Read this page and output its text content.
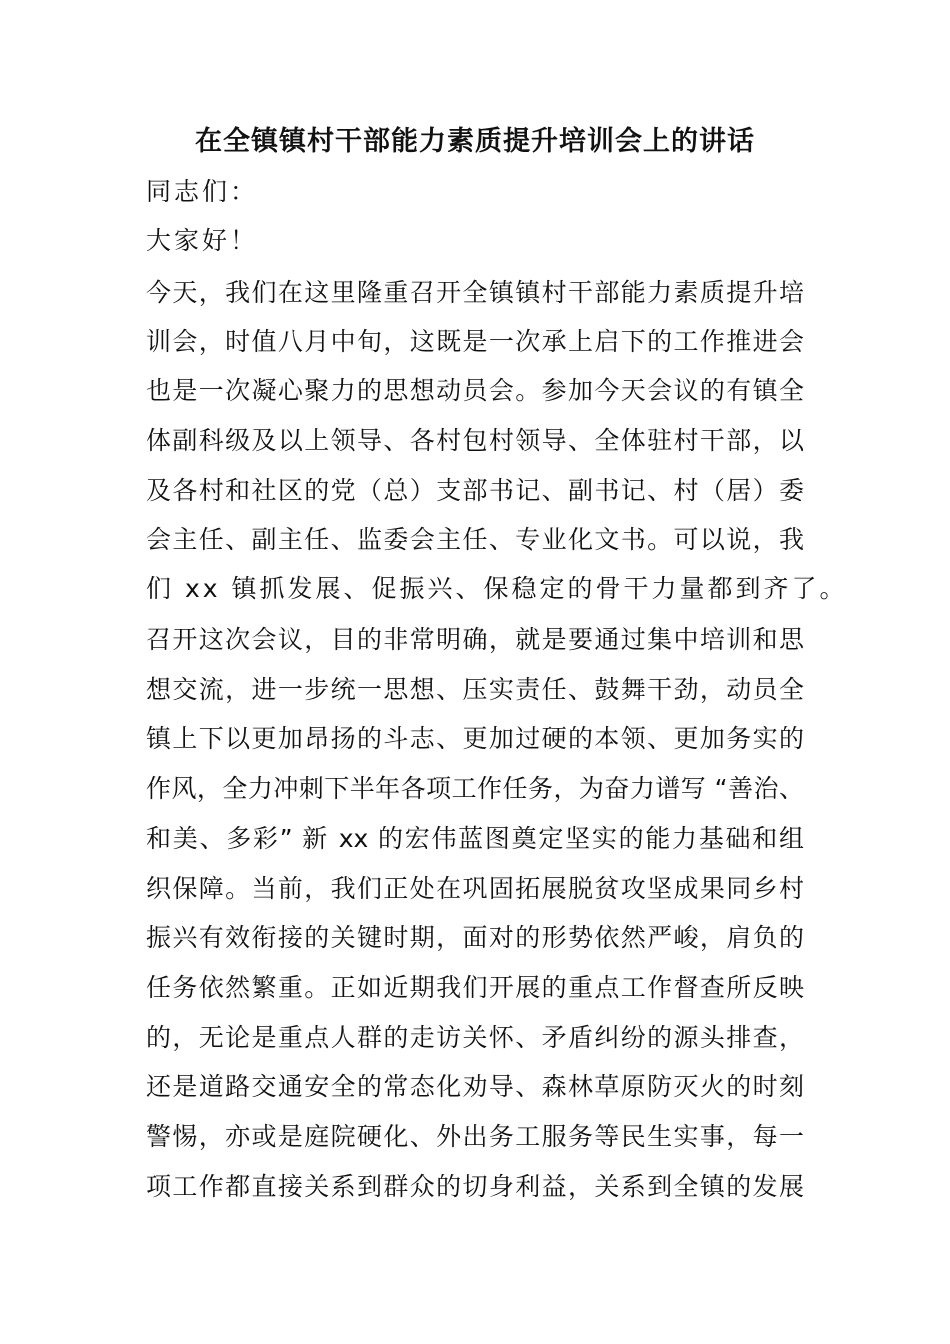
在全镇镇村干部能力素质提升培训会上的讲话
同志们：
大家好！
今天，我们在这里隆重召开全镇镇村干部能力素质提升培
训会，时值八月中旬，这既是一次承上启下的工作推进会
也是一次凝心聚力的思想动员会。参加今天会议的有镇全
体副科级及以上领导、各村包村领导、全体驻村干部，以
及各村和社区的党（总）支部书记、副书记、村（居）委
会主任、副主任、监委会主任、专业化文书。可以说，我
们 xx 镇抓发展、促振兴、保稳定的骨干力量都到齐了。
召开这次会议，目的非常明确，就是要通过集中培训和思
想交流，进一步统一思想、压实责任、鼓舞干劲，动员全
镇上下以更加昂扬的斗志、更加过硬的本领、更加务实的
作风，全力冲刺下半年各项工作任务，为奋力谱写 “善治、
和美、多彩” 新 xx 的宏伟蓝图奠定坚实的能力基础和组
织保障。当前，我们正处在巩固拓展脱贫攻坚成果同乡村
振兴有效衔接的关键时期，面对的形势依然严峻，肩负的
任务依然繁重。正如近期我们开展的重点工作督查所反映
的，无论是重点人群的走访关怀、矛盾纠纷的源头排查，
还是道路交通安全的常态化劝导、森林草原防灭火的时刻
警惕，亦或是庭院硬化、外出务工服务等民生实事，每一
项工作都直接关系到群众的切身利益，关系到全镇的发展
